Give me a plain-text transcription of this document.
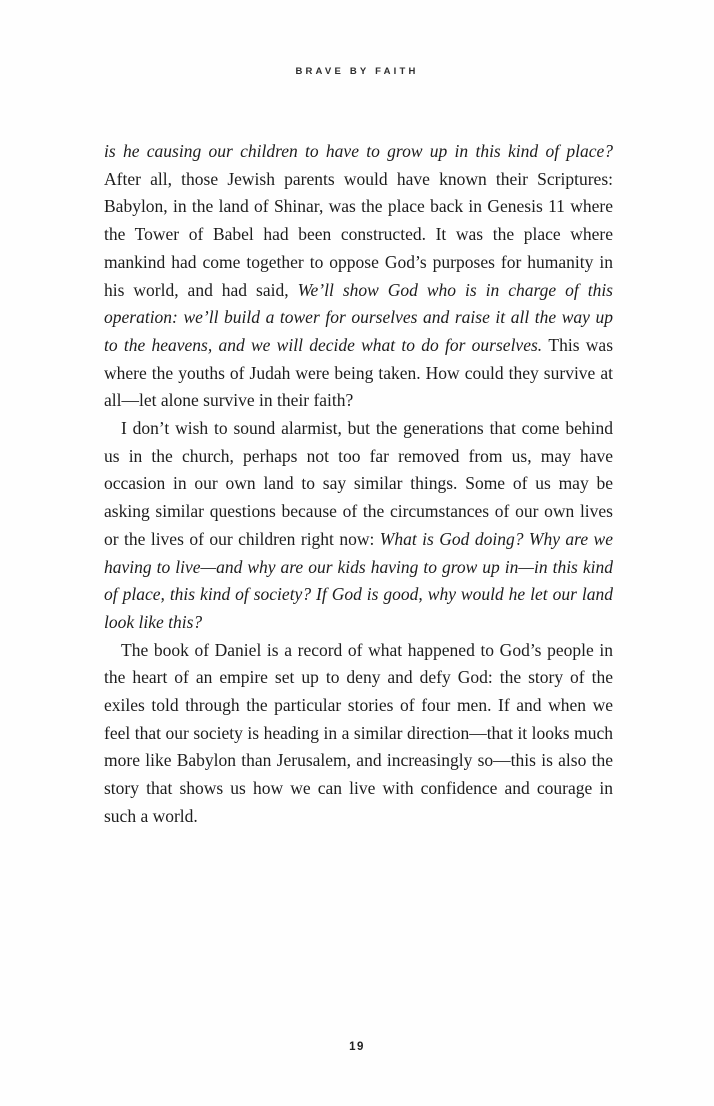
BRAVE BY FAITH

is he causing our children to have to grow up in this kind of place? After all, those Jewish parents would have known their Scriptures: Babylon, in the land of Shinar, was the place back in Genesis 11 where the Tower of Babel had been constructed. It was the place where mankind had come together to oppose God’s purposes for humanity in his world, and had said, We’ll show God who is in charge of this operation: we’ll build a tower for ourselves and raise it all the way up to the heavens, and we will decide what to do for ourselves. This was where the youths of Judah were being taken. How could they survive at all—let alone survive in their faith?

I don’t wish to sound alarmist, but the generations that come behind us in the church, perhaps not too far removed from us, may have occasion in our own land to say similar things. Some of us may be asking similar questions because of the circumstances of our own lives or the lives of our children right now: What is God doing? Why are we having to live—and why are our kids having to grow up in—in this kind of place, this kind of society? If God is good, why would he let our land look like this?

The book of Daniel is a record of what happened to God’s people in the heart of an empire set up to deny and defy God: the story of the exiles told through the particular stories of four men. If and when we feel that our society is heading in a similar direction—that it looks much more like Babylon than Jerusalem, and increasingly so—this is also the story that shows us how we can live with confidence and courage in such a world.

19
